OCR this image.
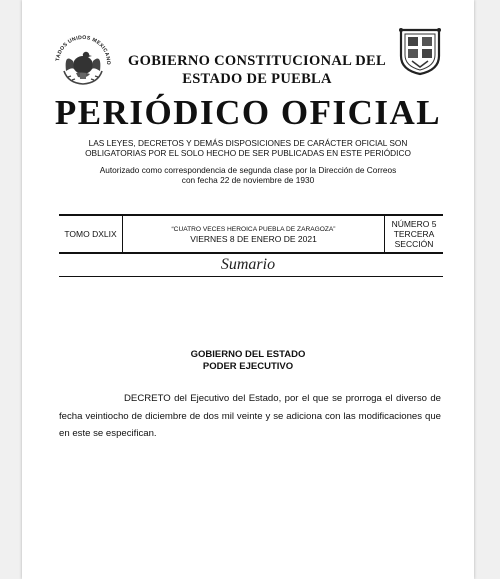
TADOS UNIDOS MEXICANO	GOBIERNO CONSTITUCIONAL DEL
ESTADO DE PUEBLA
PERIÓDICO OFICIAL
LAS LEYES, DECRETOS Y DEMÁS DISPOSICIONES DE CARÁCTER OFICIAL SON
OBLIGATORIAS POR EL SOLO HECHO DE SER PUBLICADAS EN ESTE PERIÓDICO
Autorizado como correspondencia de segunda clase por la Dirección de Correos
con fecha 22 de noviembre de 1930
TOMO DXLIX	“CUATRO VECES HEROICA PUEBLA DE ZARAGOZA”
VIERNES 8 DE ENERO DE 2021
NÚMERO 5
TERCERA
SECCIÓN
Sumario
GOBIERNO DEL ESTADO
PODER EJECUTIVO
DECRETO del Ejecutivo del Estado, por el que se prorroga el diverso de fecha veintiocho de diciembre de dos mil veinte y se adiciona con las modificaciones que en este se especifican.
